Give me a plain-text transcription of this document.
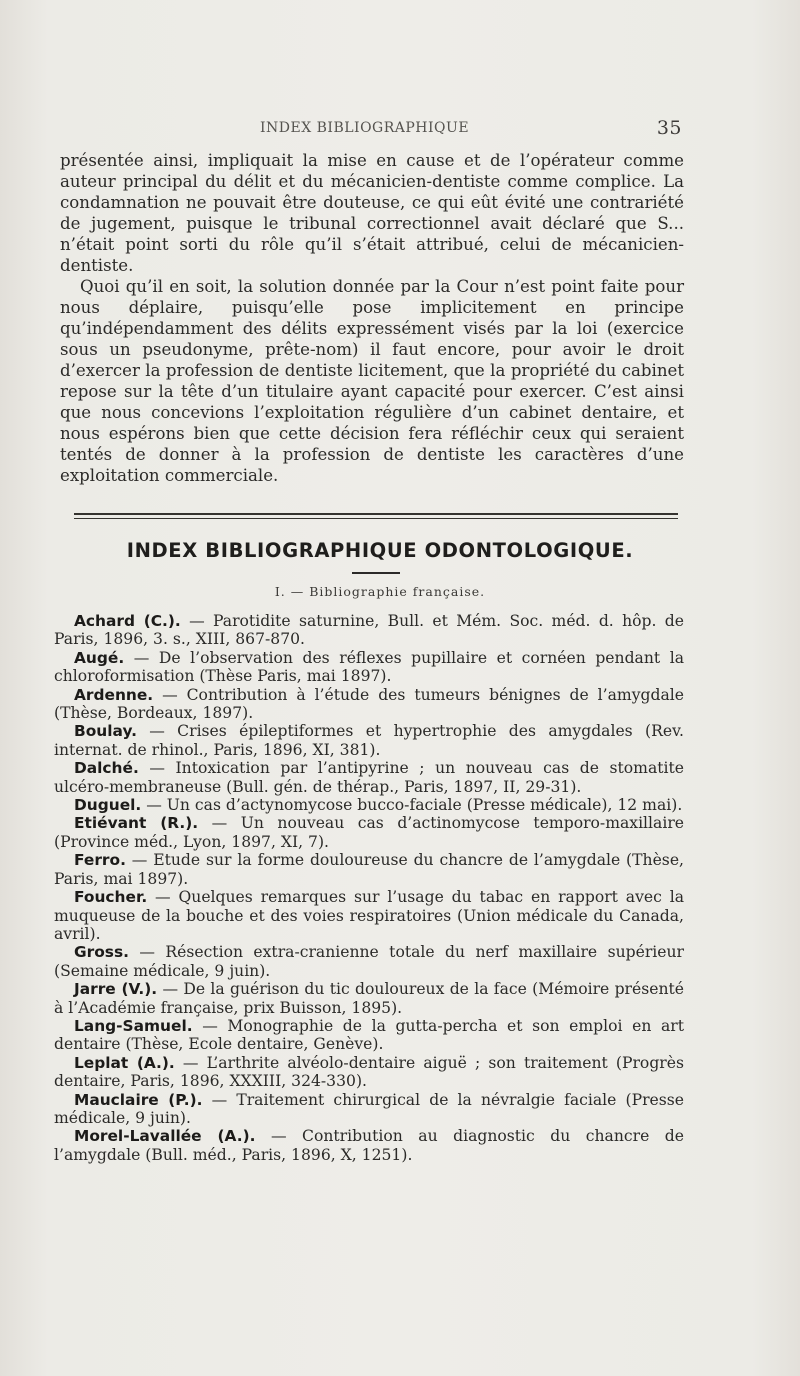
INDEX BIBLIOGRAPHIQUE	35

présentée ainsi, impliquait la mise en cause et de l’opérateur comme auteur principal du délit et du mécanicien-dentiste comme complice. La condamnation ne pouvait être douteuse, ce qui eût évité une contrariété de jugement, puisque le tribunal correctionnel avait déclaré que S... n’était point sorti du rôle qu’il s’était attribué, celui de mécanicien-dentiste.

Quoi qu’il en soit, la solution donnée par la Cour n’est point faite pour nous déplaire, puisqu’elle pose implicitement en principe qu’indépendamment des délits expressément visés par la loi (exercice sous un pseudonyme, prête-nom) il faut encore, pour avoir le droit d’exercer la profession de dentiste licitement, que la propriété du cabinet repose sur la tête d’un titulaire ayant capacité pour exercer. C’est ainsi que nous concevions l’exploitation régulière d’un cabinet dentaire, et nous espérons bien que cette décision fera réfléchir ceux qui seraient tentés de donner à la profession de dentiste les caractères d’une exploitation commerciale.

INDEX BIBLIOGRAPHIQUE ODONTOLOGIQUE.
I. — Bibliographie française.

Achard (C.). — Parotidite saturnine, Bull. et Mém. Soc. méd. d. hôp. de Paris, 1896, 3. s., XIII, 867-870.

Augé. — De l’observation des réflexes pupillaire et cornéen pendant la chloroformisation (Thèse Paris, mai 1897).

Ardenne. — Contribution à l’étude des tumeurs bénignes de l’amygdale (Thèse, Bordeaux, 1897).

Boulay. — Crises épileptiformes et hypertrophie des amygdales (Rev. internat. de rhinol., Paris, 1896, XI, 381).

Dalché. — Intoxication par l’antipyrine ; un nouveau cas de stomatite ulcéro-membraneuse (Bull. gén. de thérap., Paris, 1897, II, 29-31).

Duguel. — Un cas d’actynomycose bucco-faciale (Presse médicale), 12 mai).

Etiévant (R.). — Un nouveau cas d’actinomycose temporo-maxillaire (Province méd., Lyon, 1897, XI, 7).

Ferro. — Etude sur la forme douloureuse du chancre de l’amygdale (Thèse, Paris, mai 1897).

Foucher. — Quelques remarques sur l’usage du tabac en rapport avec la muqueuse de la bouche et des voies respiratoires (Union médicale du Canada, avril).

Gross. — Résection extra-cranienne totale du nerf maxillaire supérieur (Semaine médicale, 9 juin).

Jarre (V.). — De la guérison du tic douloureux de la face (Mémoire présenté à l’Académie française, prix Buisson, 1895).

Lang-Samuel. — Monographie de la gutta-percha et son emploi en art dentaire (Thèse, Ecole dentaire, Genève).

Leplat (A.). — L’arthrite alvéolo-dentaire aiguë ; son traitement (Progrès dentaire, Paris, 1896, XXXIII, 324-330).

Mauclaire (P.). — Traitement chirurgical de la névralgie faciale (Presse médicale, 9 juin).

Morel-Lavallée (A.). — Contribution au diagnostic du chancre de l’amygdale (Bull. méd., Paris, 1896, X, 1251).
